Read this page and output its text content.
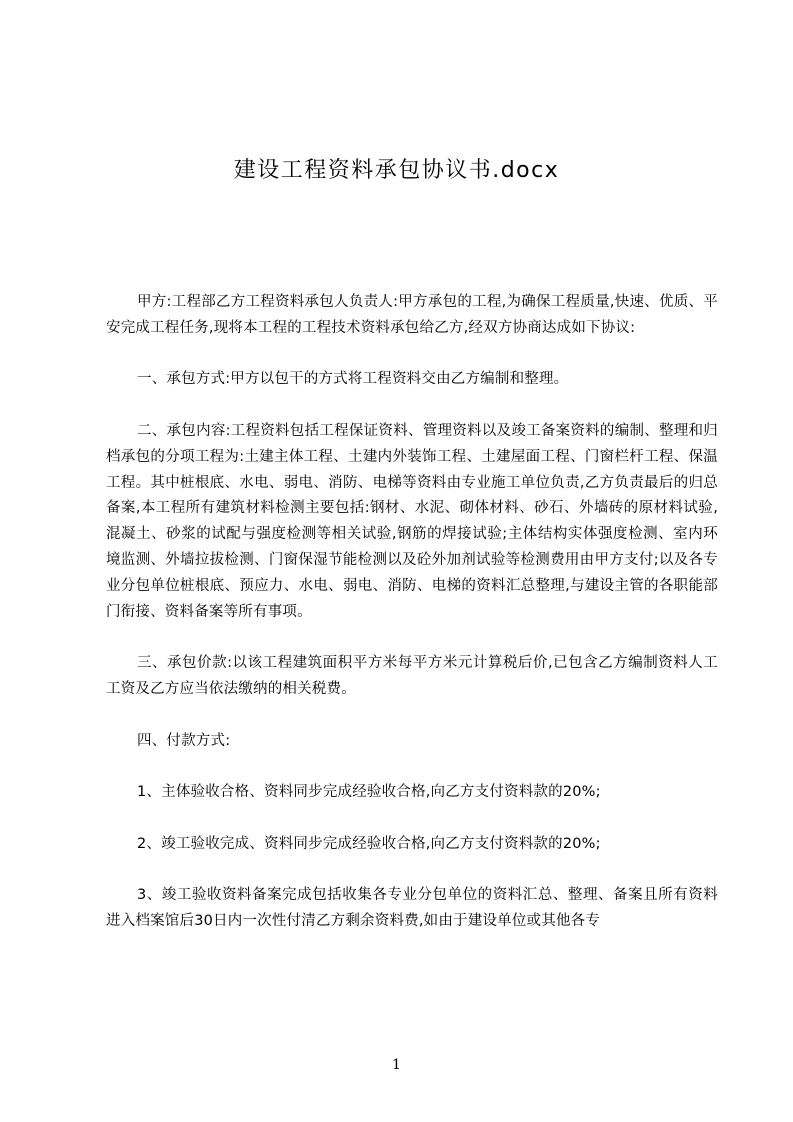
建设工程资料承包协议书.docx

甲方:工程部乙方工程资料承包人负责人:甲方承包的工程,为确保工程质量,快速、优质、平安完成工程任务,现将本工程的工程技术资料承包给乙方,经双方协商达成如下协议:

一、承包方式:甲方以包干的方式将工程资料交由乙方编制和整理。

二、承包内容:工程资料包括工程保证资料、管理资料以及竣工备案资料的编制、整理和归档承包的分项工程为:土建主体工程、土建内外装饰工程、土建屋面工程、门窗栏杆工程、保温工程。其中桩根底、水电、弱电、消防、电梯等资料由专业施工单位负责,乙方负责最后的归总备案,本工程所有建筑材料检测主要包括:钢材、水泥、砌体材料、砂石、外墙砖的原材料试验,混凝土、砂浆的试配与强度检测等相关试验,钢筋的焊接试验;主体结构实体强度检测、室内环境监测、外墙拉拔检测、门窗保湿节能检测以及砼外加剂试验等检测费用由甲方支付;以及各专业分包单位桩根底、预应力、水电、弱电、消防、电梯的资料汇总整理,与建设主管的各职能部门衔接、资料备案等所有事项。

三、承包价款:以该工程建筑面积平方米每平方米元计算税后价,已包含乙方编制资料人工工资及乙方应当依法缴纳的相关税费。

四、付款方式:

1、主体验收合格、资料同步完成经验收合格,向乙方支付资料款的20%;

2、竣工验收完成、资料同步完成经验收合格,向乙方支付资料款的20%;

3、竣工验收资料备案完成包括收集各专业分包单位的资料汇总、整理、备案且所有资料进入档案馆后30日内一次性付清乙方剩余资料费,如由于建设单位或其他各专

1
